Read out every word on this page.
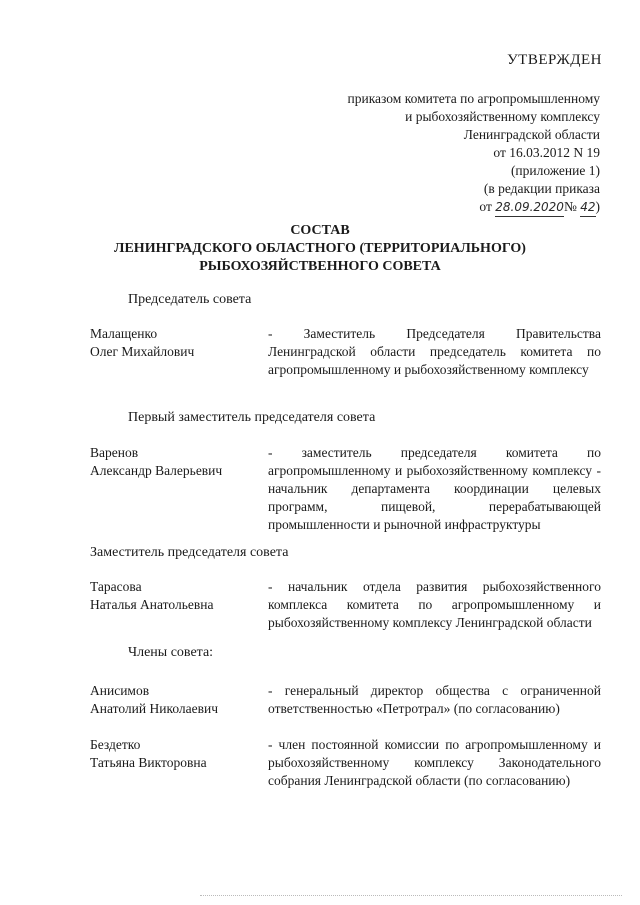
УТВЕРЖДЕН
приказом комитета по агропромышленному
и рыбохозяйственному комплексу
Ленинградской области
от 16.03.2012 N 19
(приложение 1)
(в редакции приказа
от 28.09.2020№ 42)
СОСТАВ
ЛЕНИНГРАДСКОГО ОБЛАСТНОГО (ТЕРРИТОРИАЛЬНОГО)
РЫБОХОЗЯЙСТВЕННОГО СОВЕТА
Председатель совета
Малащенко
Олег Михайлович
- Заместитель Председателя Правительства Ленинградской области председатель комитета по агропромышленному и рыбохозяйственному комплексу
Первый заместитель председателя совета
Варенов
Александр Валерьевич
- заместитель председателя комитета по агропромышленному и рыбохозяйственному комплексу - начальник департамента координации целевых программ, пищевой, перерабатывающей промышленности и рыночной инфраструктуры
Заместитель председателя совета
Тарасова
Наталья Анатольевна
- начальник отдела развития рыбохозяйственного комплекса комитета по агропромышленному и рыбохозяйственному комплексу Ленинградской области
Члены совета:
Анисимов
Анатолий Николаевич
- генеральный директор общества с ограниченной ответственностью «Петротрал» (по согласованию)
Бездетко
Татьяна Викторовна
- член постоянной комиссии по агропромышленному и рыбохозяйственному комплексу Законодательного собрания Ленинградской области (по согласованию)
